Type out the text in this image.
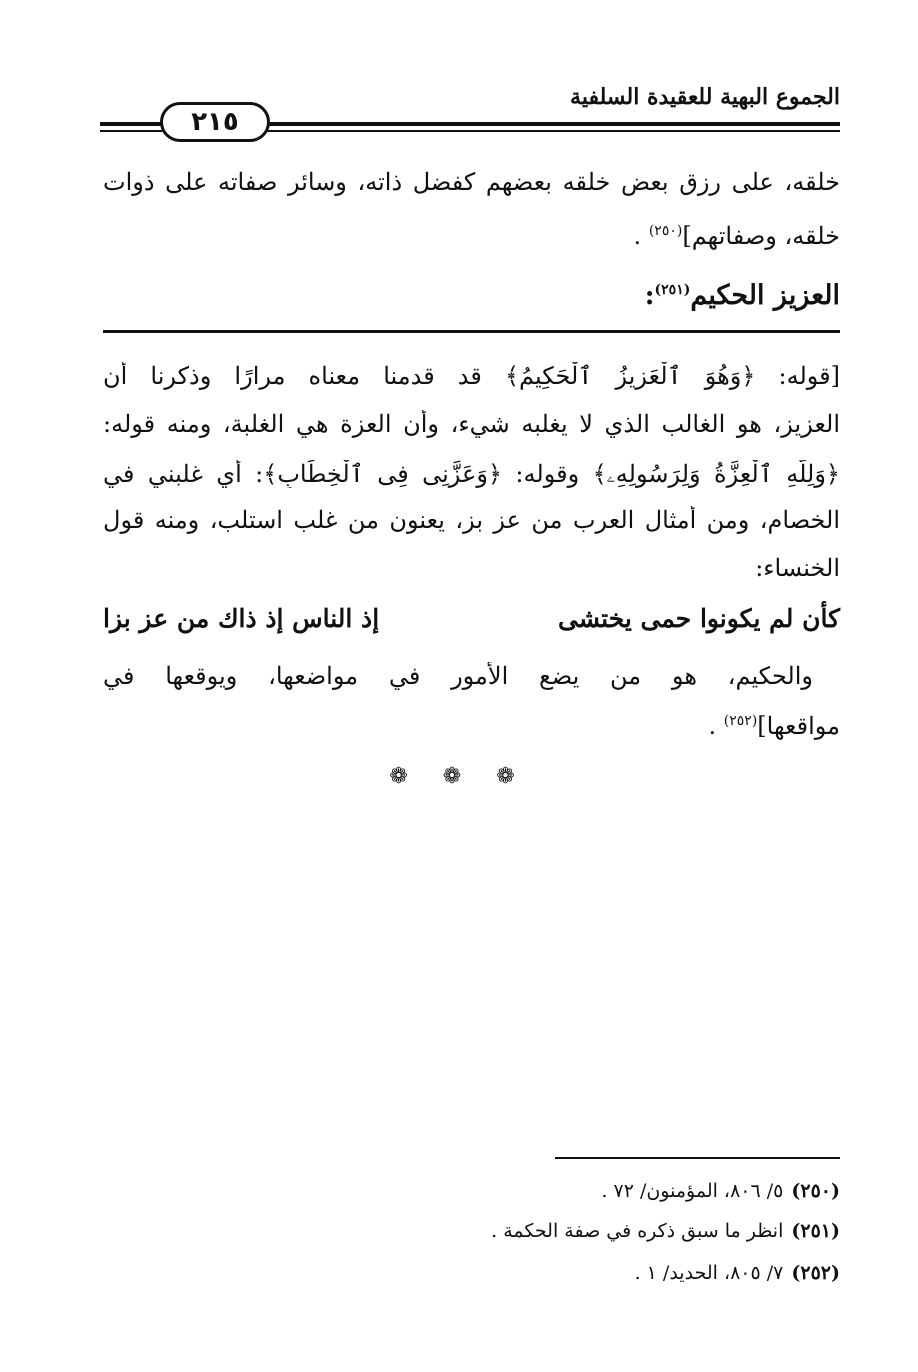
الجموع البهية للعقيدة السلفية
٢١٥
خلقه، على رزق بعض خلقه بعضهم كفضل ذاته، وسائر صفاته على ذوات
خلقه، وصفاتهم]$^{(٢٥٠)}$ .
العزيز الحكيم$^{(٢٥١)}$:
[قوله: ﴿وَهُوَ ٱلْعَزِيزُ ٱلْحَكِيمُ﴾ قد قدمنا معناه مرارًا وذكرنا أن
العزيز، هو الغالب الذي لا يغلبه شيء، وأن العزة هي الغلبة، ومنه قوله:
﴿وَلِلَّهِ ٱلْعِزَّةُ وَلِرَسُولِهِۦ﴾ وقوله: ﴿وَعَزَّنِى فِى ٱلْخِطَابِ﴾: أي غلبني في
الخصام، ومن أمثال العرب من عز بز، يعنون من غلب استلب، ومنه قول
الخنساء:
كأن لم يكونوا حمى يختشى
إذ الناس إذ ذاك من عز بزا
والحكيم، هو من يضع الأمور في مواضعها، ويوقعها في
مواقعها]$^{(٢٥٢)}$ .
❁ ❁ ❁
(٢٥٠)٥/ ٨٠٦، المؤمنون/ ٧٢ .
(٢٥١)انظر ما سبق ذكره في صفة الحكمة .
(٢٥٢)٧/ ٨٠٥، الحديد/ ١ .
